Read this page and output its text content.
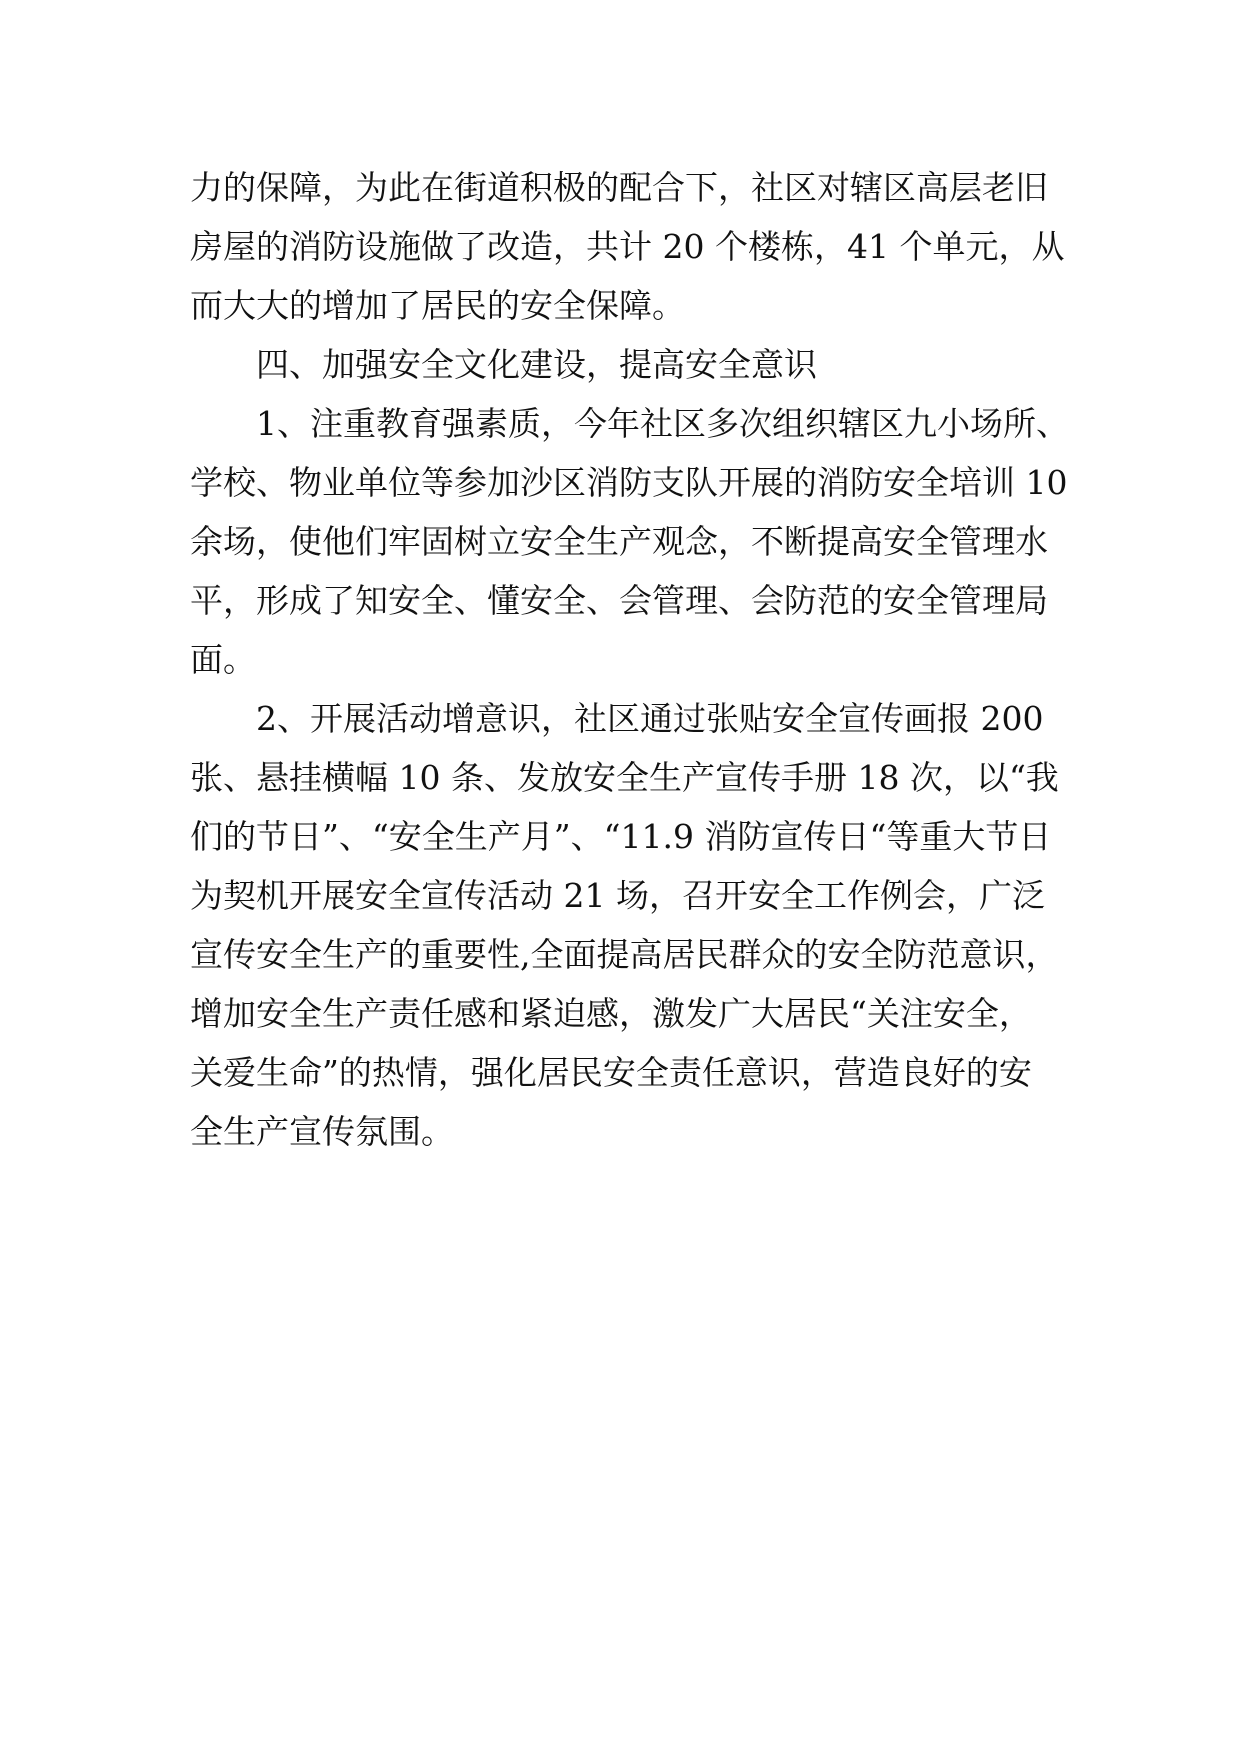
力的保障，为此在街道积极的配合下，社区对辖区高层老旧
房屋的消防设施做了改造，共计 20 个楼栋，41 个单元，从
而大大的增加了居民的安全保障。
四、加强安全文化建设，提高安全意识
1、注重教育强素质，今年社区多次组织辖区九小场所、
学校、物业单位等参加沙区消防支队开展的消防安全培训 10
余场，使他们牢固树立安全生产观念，不断提高安全管理水
平，形成了知安全、懂安全、会管理、会防范的安全管理局
面。
2、开展活动增意识，社区通过张贴安全宣传画报 200
张、悬挂横幅 10 条、发放安全生产宣传手册 18 次，以“我
们的节日”、“安全生产月”、“11.9 消防宣传日“等重大节日
为契机开展安全宣传活动 21 场，召开安全工作例会，广泛
宣传安全生产的重要性,全面提高居民群众的安全防范意识，
增加安全生产责任感和紧迫感，激发广大居民“关注安全，
关爱生命”的热情，强化居民安全责任意识，营造良好的安
全生产宣传氛围。
